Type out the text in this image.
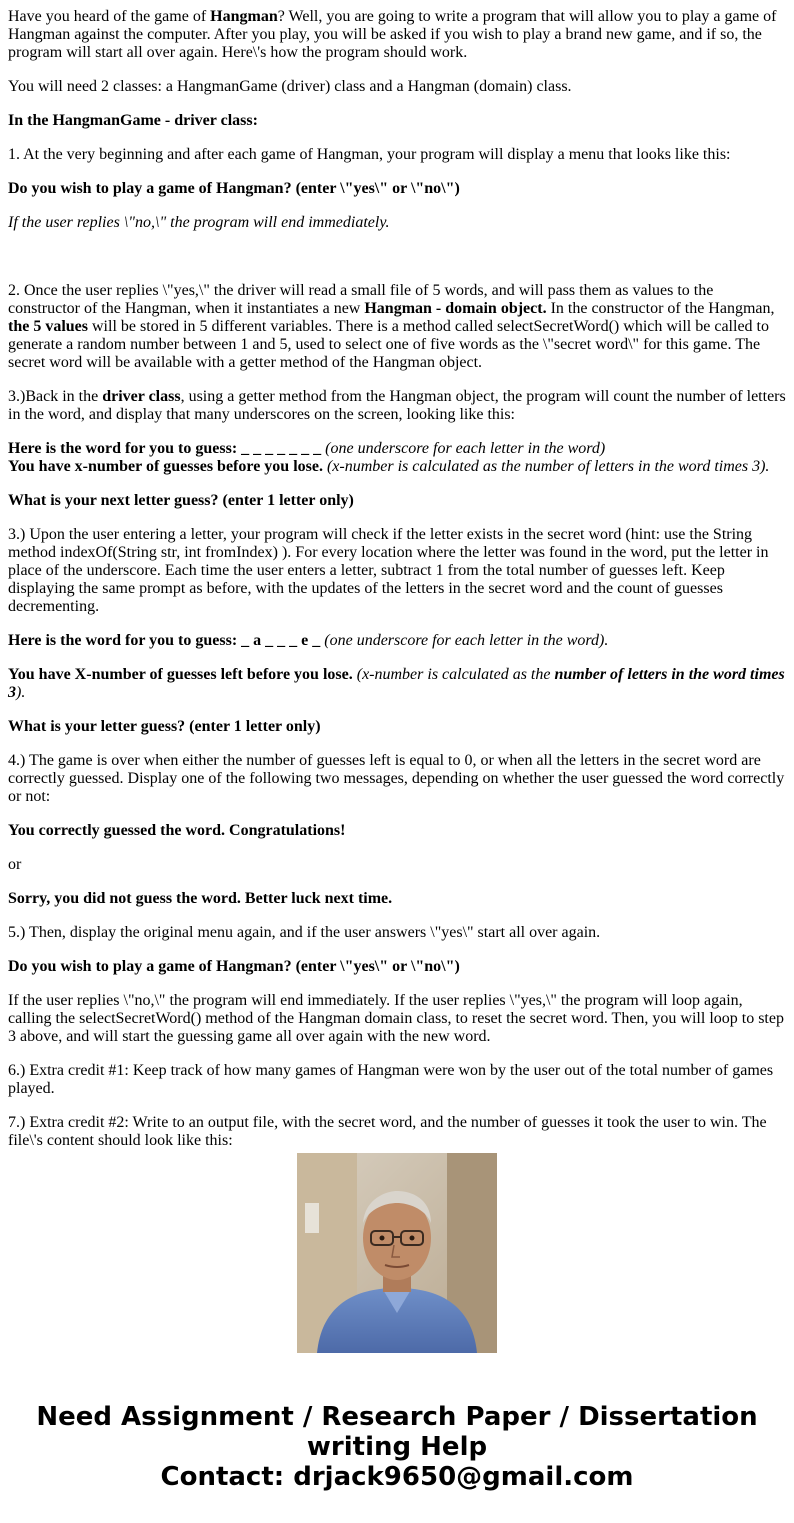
Have you heard of the game of Hangman? Well, you are going to write a program that will allow you to play a game of Hangman against the computer. After you play, you will be asked if you wish to play a brand new game, and if so, the program will start all over again. Here\'s how the program should work.

You will need 2 classes: a HangmanGame (driver) class and a Hangman (domain) class.

In the HangmanGame - driver class:

1. At the very beginning and after each game of Hangman, your program will display a menu that looks like this:

Do you wish to play a game of Hangman? (enter \"yes\" or \"no\")

If the user replies \"no,\" the program will end immediately.

2. Once the user replies \"yes,\" the driver will read a small file of 5 words, and will pass them as values to the constructor of the Hangman, when it instantiates a new Hangman - domain object. In the constructor of the Hangman, the 5 values will be stored in 5 different variables. There is a method called selectSecretWord() which will be called to generate a random number between 1 and 5, used to select one of five words as the \"secret word\" for this game. The secret word will be available with a getter method of the Hangman object.

3.)Back in the driver class, using a getter method from the Hangman object, the program will count the number of letters in the word, and display that many underscores on the screen, looking like this:

Here is the word for you to guess: _ _ _ _ _ _ _ (one underscore for each letter in the word)
You have x-number of guesses before you lose. (x-number is calculated as the number of letters in the word times 3).

What is your next letter guess? (enter 1 letter only)

3.) Upon the user entering a letter, your program will check if the letter exists in the secret word (hint: use the String method indexOf(String str, int fromIndex) ). For every location where the letter was found in the word, put the letter in place of the underscore. Each time the user enters a letter, subtract 1 from the total number of guesses left. Keep displaying the same prompt as before, with the updates of the letters in the secret word and the count of guesses decrementing.

Here is the word for you to guess: _ a _ _ _ e _ (one underscore for each letter in the word).

You have X-number of guesses left before you lose. (x-number is calculated as the number of letters in the word times 3).

What is your letter guess? (enter 1 letter only)

4.) The game is over when either the number of guesses left is equal to 0, or when all the letters in the secret word are correctly guessed. Display one of the following two messages, depending on whether the user guessed the word correctly or not:

You correctly guessed the word. Congratulations!

or

Sorry, you did not guess the word. Better luck next time.

5.) Then, display the original menu again, and if the user answers \"yes\" start all over again.

Do you wish to play a game of Hangman? (enter \"yes\" or \"no\")

If the user replies \"no,\" the program will end immediately. If the user replies \"yes,\" the program will loop again, calling the selectSecretWord() method of the Hangman domain class, to reset the secret word. Then, you will loop to step 3 above, and will start the guessing game all over again with the new word.

6.) Extra credit #1: Keep track of how many games of Hangman were won by the user out of the total number of games played.

7.) Extra credit #2: Write to an output file, with the secret word, and the number of guesses it took the user to win. The file\'s content should look like this:

Need Assignment / Research Paper / Dissertation
writing Help
Contact: drjack9650@gmail.com
